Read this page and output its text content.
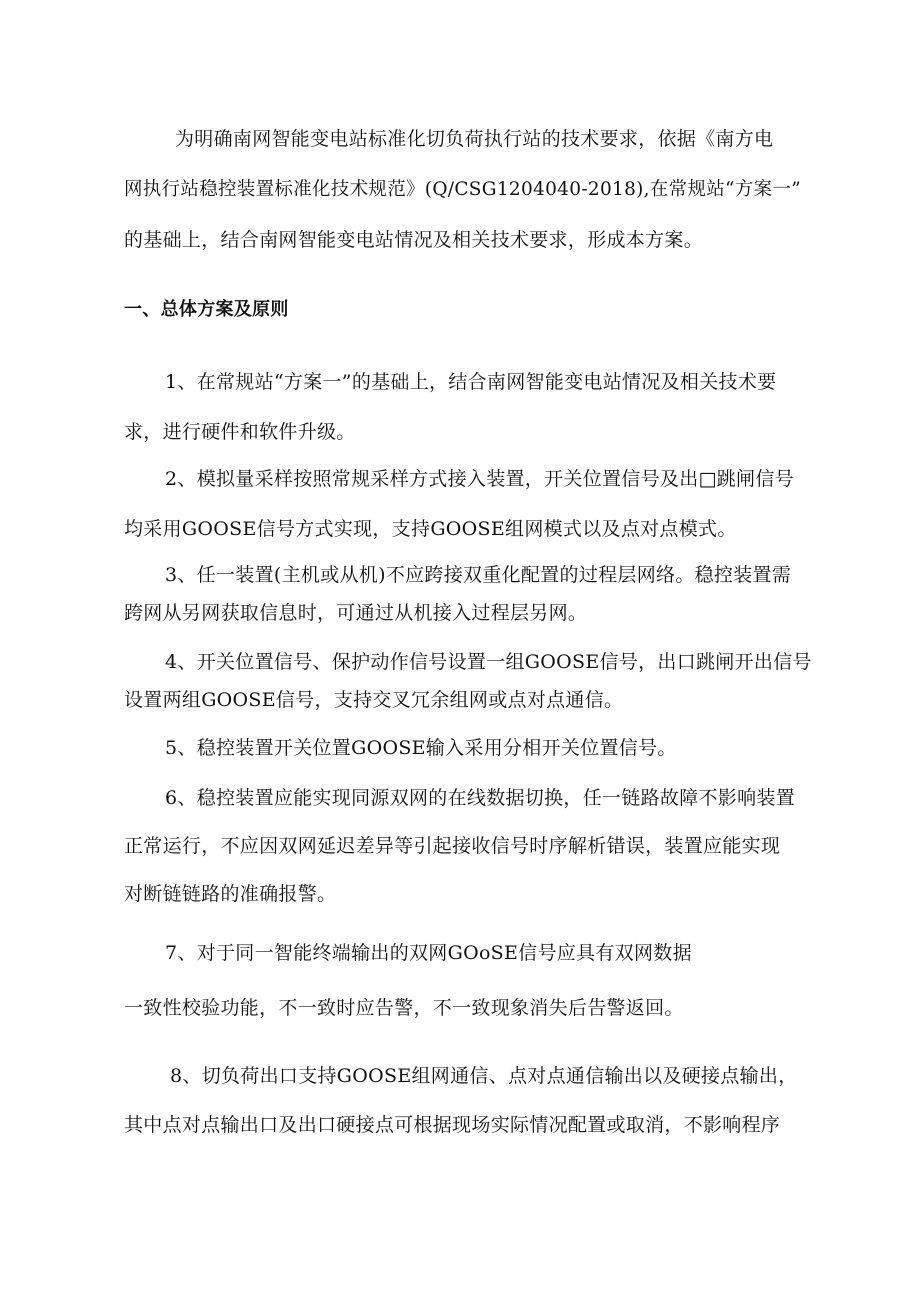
为明确南网智能变电站标准化切负荷执行站的技术要求，依据《南方电
网执行站稳控装置标准化技术规范》(Q/CSG1204040-2018),在常规站“方案一”
的基础上，结合南网智能变电站情况及相关技术要求，形成本方案。
一、总体方案及原则
1、在常规站“方案一”的基础上，结合南网智能变电站情况及相关技术要
求，进行硬件和软件升级。
2、模拟量采样按照常规采样方式接入装置，开关位置信号及出□跳闸信号
均采用GOOSE信号方式实现，支持GOOSE组网模式以及点对点模式。
3、任一装置(主机或从机)不应跨接双重化配置的过程层网络。稳控装置需
跨网从另网获取信息时，可通过从机接入过程层另网。
4、开关位置信号、保护动作信号设置一组GOOSE信号，出口跳闸开出信号
设置两组GOOSE信号，支持交叉冗余组网或点对点通信。
5、稳控装置开关位置GOOSE输入采用分相开关位置信号。
6、稳控装置应能实现同源双网的在线数据切换，任一链路故障不影响装置
正常运行，不应因双网延迟差异等引起接收信号时序解析错误，装置应能实现
对断链链路的准确报警。
7、对于同一智能终端输出的双网GOoSE信号应具有双网数据
一致性校验功能，不一致时应告警，不一致现象消失后告警返回。
8、切负荷出口支持GOOSE组网通信、点对点通信输出以及硬接点输出，
其中点对点输出口及出口硬接点可根据现场实际情况配置或取消，不影响程序
